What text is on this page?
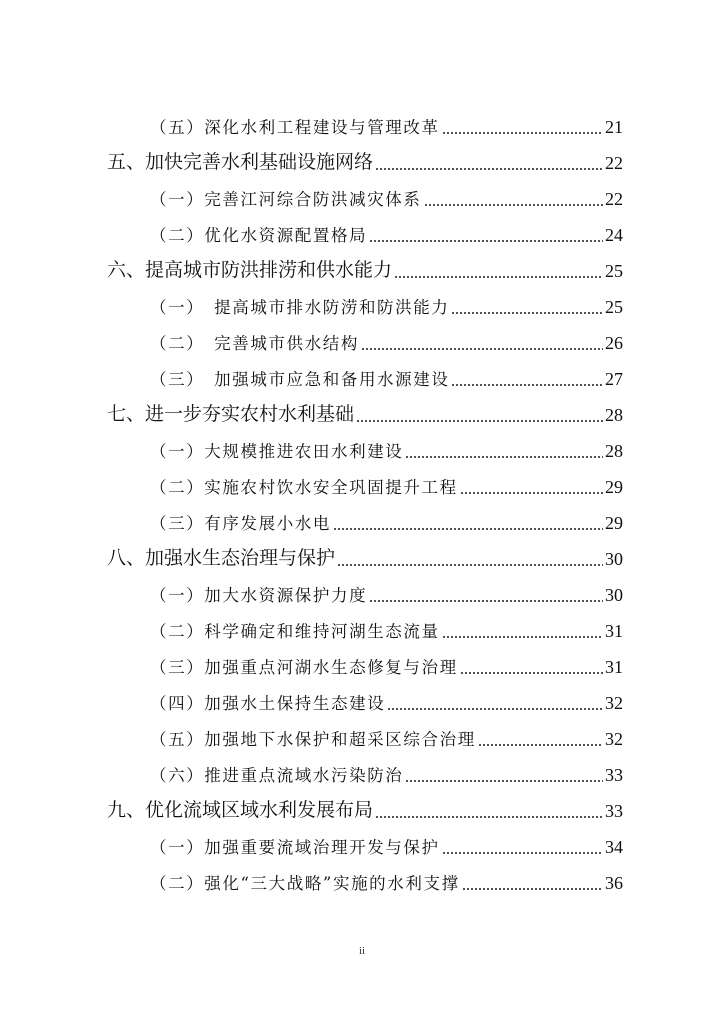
（五）深化水利工程建设与管理改革	21
五、加快完善水利基础设施网络	22
（一）完善江河综合防洪减灾体系	22
（二）优化水资源配置格局	24
六、提高城市防洪排涝和供水能力	25
（一）　提高城市排水防涝和防洪能力	25
（二）　完善城市供水结构	26
（三）　加强城市应急和备用水源建设	27
七、进一步夯实农村水利基础	28
（一）大规模推进农田水利建设	28
（二）实施农村饮水安全巩固提升工程	29
（三）有序发展小水电	29
八、加强水生态治理与保护	30
（一）加大水资源保护力度	30
（二）科学确定和维持河湖生态流量	31
（三）加强重点河湖水生态修复与治理	31
（四）加强水土保持生态建设	32
（五）加强地下水保护和超采区综合治理	32
（六）推进重点流域水污染防治	33
九、优化流域区域水利发展布局	33
（一）加强重要流域治理开发与保护	34
（二）强化“三大战略”实施的水利支撑	36
ii
